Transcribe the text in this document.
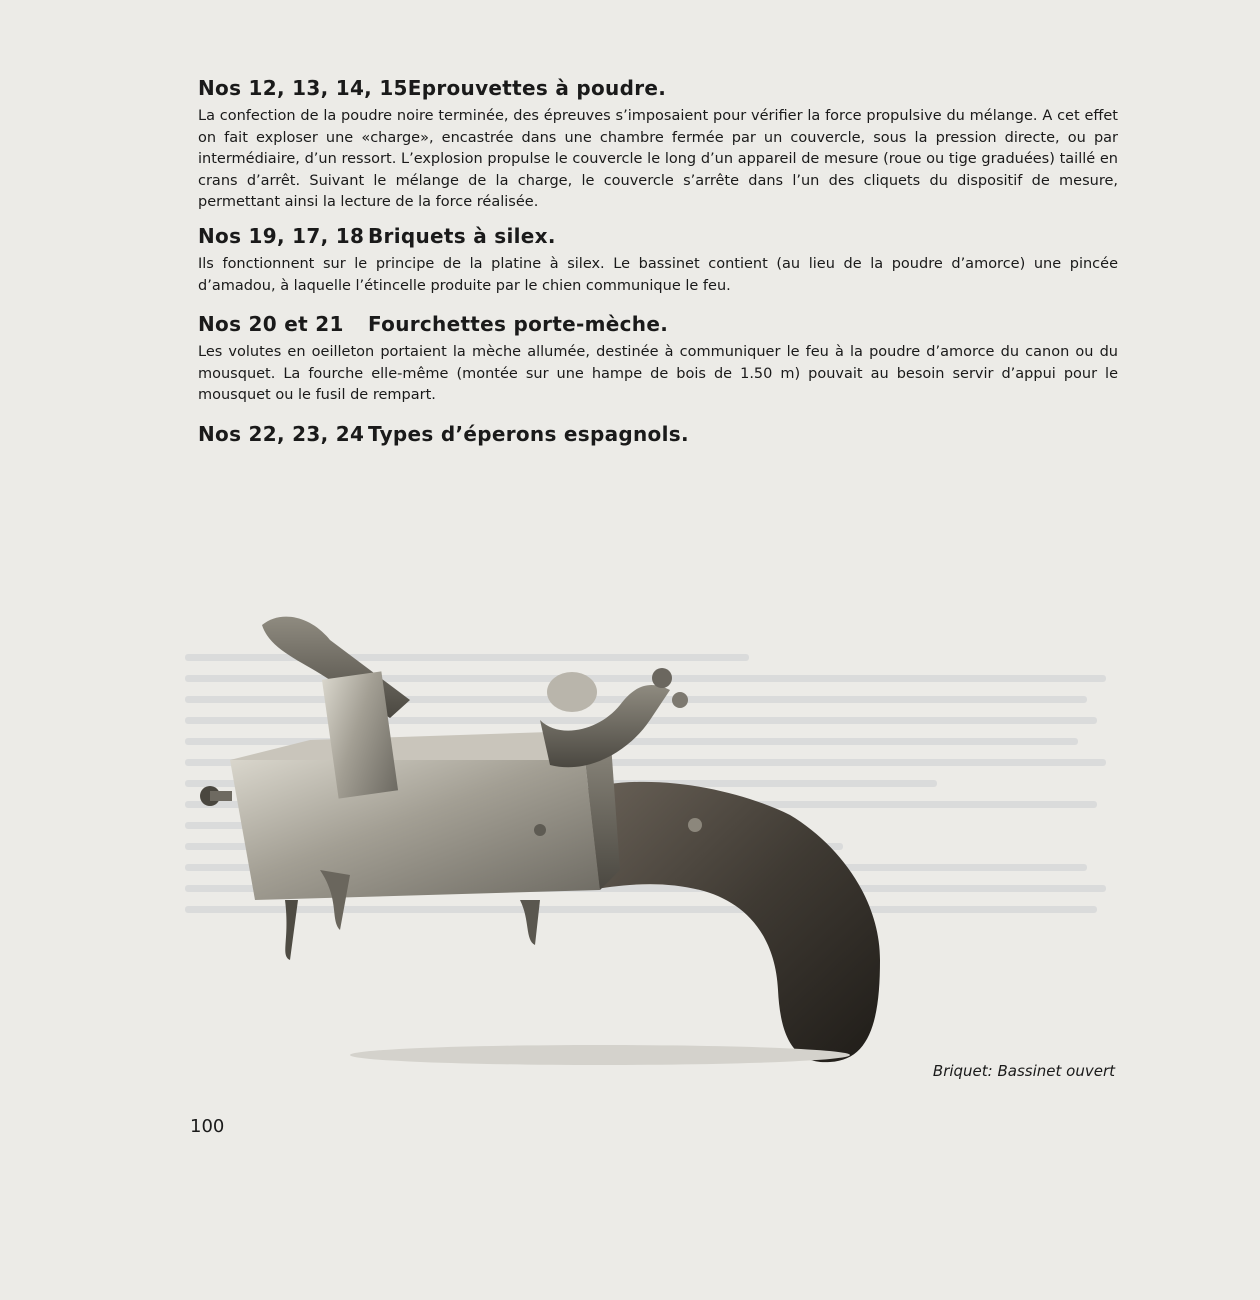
Nos 12, 13, 14, 15Eprouvettes à poudre.

La confection de la poudre noire terminée, des épreuves s’imposaient pour vérifier la force propulsive du mélange. A cet effet on fait exploser une «charge», encastrée dans une chambre fermée par un couvercle, sous la pression directe, ou par intermédiaire, d’un ressort. L’explosion propulse le couvercle le long d’un appareil de mesure (roue ou tige graduées) taillé en crans d’arrêt. Suivant le mélange de la charge, le couvercle s’arrête dans l’un des cliquets du dispositif de mesure, permettant ainsi la lecture de la force réalisée.

Nos 19, 17, 18 Briquets à silex.

Ils fonctionnent sur le principe de la platine à silex. Le bassinet contient (au lieu de la poudre d’amorce) une pincée d’amadou, à laquelle l’étincelle produite par le chien communique le feu.

Nos 20 et 21 Fourchettes porte-mèche.

Les volutes en oeilleton portaient la mèche allumée, destinée à communiquer le feu à la poudre d’amorce du canon ou du mousquet. La fourche elle-même (montée sur une hampe de bois de 1.50 m) pouvait au besoin servir d’appui pour le mousquet ou le fusil de rempart.

Nos 22, 23, 24 Types d’éperons espagnols.
Briquet: Bassinet ouvert
100
